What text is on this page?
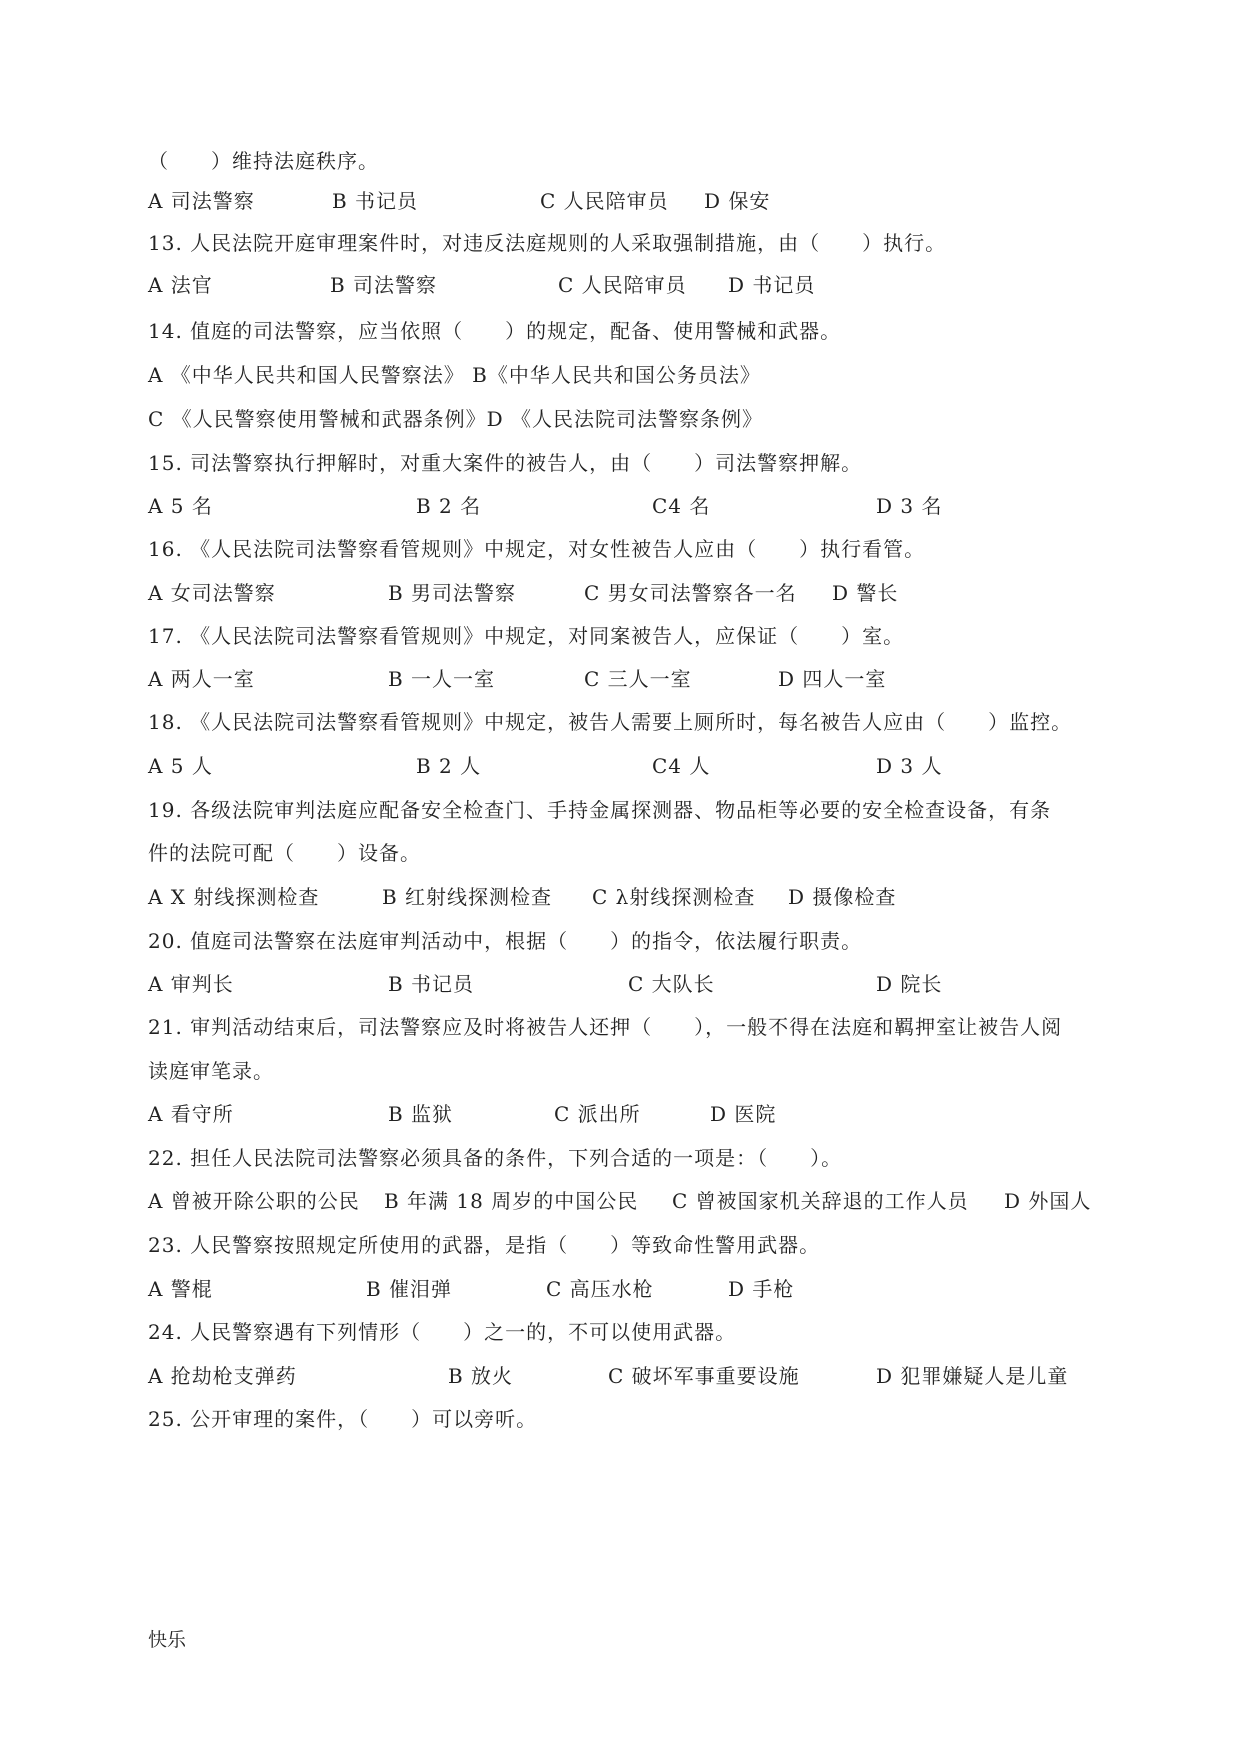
（　　）维持法庭秩序。
A 司法警察	B 书记员	C 人民陪审员 D 保安
13. 人民法院开庭审理案件时，对违反法庭规则的人采取强制措施，由（　　）执行。
A 法官	B 司法警察	C 人民陪审员 D 书记员
14. 值庭的司法警察，应当依照（　　）的规定，配备、使用警械和武器。
A 《中华人民共和国人民警察法》 B《中华人民共和国公务员法》
C 《人民警察使用警械和武器条例》D 《人民法院司法警察条例》
15. 司法警察执行押解时，对重大案件的被告人，由（　　）司法警察押解。
A 5 名	B 2 名	C4 名	D 3 名
16. 《人民法院司法警察看管规则》中规定，对女性被告人应由（　　）执行看管。
A 女司法警察	B 男司法警察	C 男女司法警察各一名 D 警长
17. 《人民法院司法警察看管规则》中规定，对同案被告人，应保证（　　）室。
A 两人一室	B 一人一室	C 三人一室	D 四人一室
18. 《人民法院司法警察看管规则》中规定，被告人需要上厕所时，每名被告人应由（　　）监控。
A 5 人	B 2 人	C4 人	D 3 人
19. 各级法院审判法庭应配备安全检查门、手持金属探测器、物品柜等必要的安全检查设备，有条
件的法院可配（　　）设备。
A X 射线探测检查	B 红射线探测检查 C λ射线探测检查 D 摄像检查
20. 值庭司法警察在法庭审判活动中，根据（　　）的指令，依法履行职责。
A 审判长	B 书记员	C 大队长	D 院长
21. 审判活动结束后，司法警察应及时将被告人还押（　　），一般不得在法庭和羁押室让被告人阅
读庭审笔录。
A 看守所	B 监狱	C 派出所	D 医院
22. 担任人民法院司法警察必须具备的条件，下列合适的一项是：（　　）。
A 曾被开除公职的公民 B 年满 18 周岁的中国公民 C 曾被国家机关辞退的工作人员 D 外国人
23. 人民警察按照规定所使用的武器，是指（　　）等致命性警用武器。
A 警棍	B 催泪弹	C 高压水枪	D 手枪
24. 人民警察遇有下列情形（　　）之一的，不可以使用武器。
A 抢劫枪支弹药	B 放火	C 破坏军事重要设施	D 犯罪嫌疑人是儿童
25. 公开审理的案件，（　　）可以旁听。
快乐
